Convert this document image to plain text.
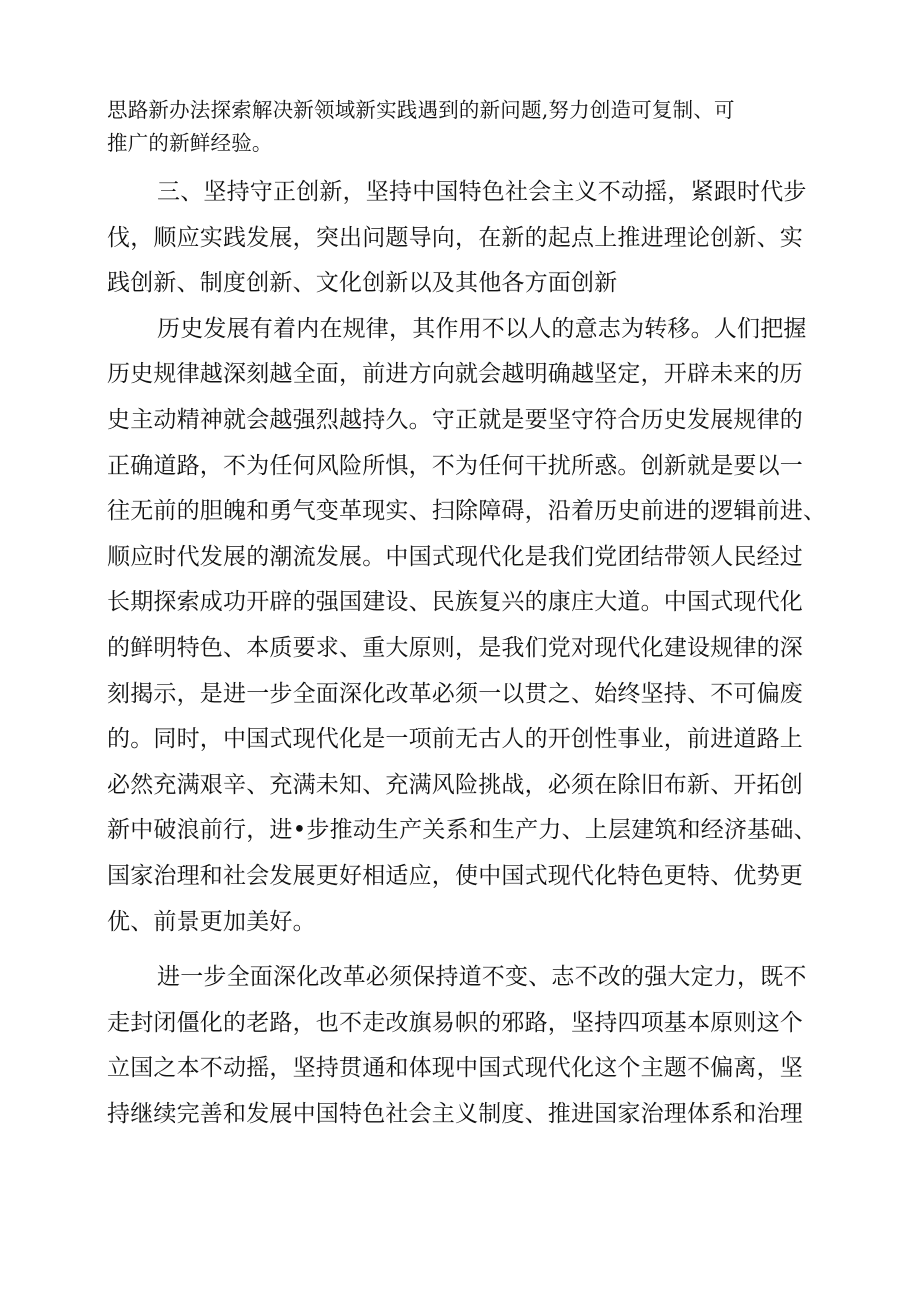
思路新办法探索解决新领域新实践遇到的新问题,努力创造可复制、可
推广的新鲜经验。
三、坚持守正创新，坚持中国特色社会主义不动摇，紧跟时代步
伐，顺应实践发展，突出问题导向，在新的起点上推进理论创新、实
践创新、制度创新、文化创新以及其他各方面创新
历史发展有着内在规律，其作用不以人的意志为转移。人们把握
历史规律越深刻越全面，前进方向就会越明确越坚定，开辟未来的历
史主动精神就会越强烈越持久。守正就是要坚守符合历史发展规律的
正确道路，不为任何风险所惧，不为任何干扰所惑。创新就是要以一
往无前的胆魄和勇气变革现实、扫除障碍，沿着历史前进的逻辑前进、
顺应时代发展的潮流发展。中国式现代化是我们党团结带领人民经过
长期探索成功开辟的强国建设、民族复兴的康庄大道。中国式现代化
的鲜明特色、本质要求、重大原则，是我们党对现代化建设规律的深
刻揭示，是进一步全面深化改革必须一以贯之、始终坚持、不可偏废
的。同时，中国式现代化是一项前无古人的开创性事业，前进道路上
必然充满艰辛、充满未知、充满风险挑战，必须在除旧布新、开拓创
新中破浪前行，进•步推动生产关系和生产力、上层建筑和经济基础、
国家治理和社会发展更好相适应，使中国式现代化特色更特、优势更
优、前景更加美好。
进一步全面深化改革必须保持道不变、志不改的强大定力，既不
走封闭僵化的老路，也不走改旗易帜的邪路，坚持四项基本原则这个
立国之本不动摇，坚持贯通和体现中国式现代化这个主题不偏离，坚
持继续完善和发展中国特色社会主义制度、推进国家治理体系和治理
